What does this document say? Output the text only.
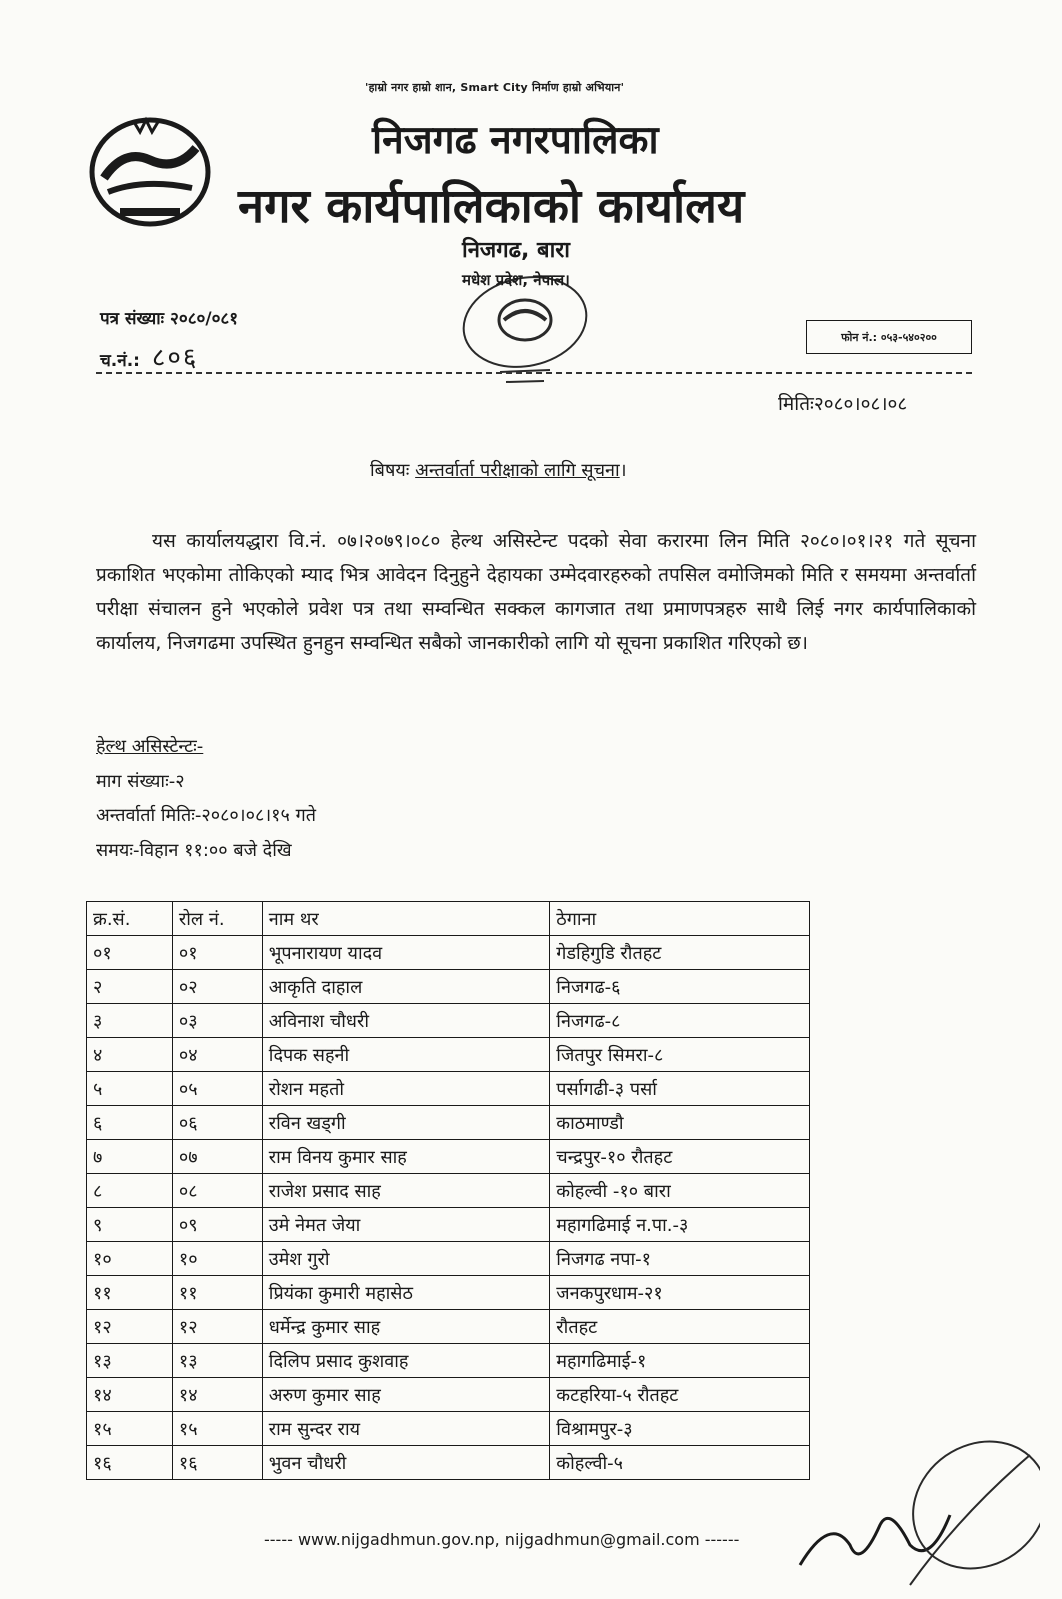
'हाम्रो नगर हाम्रो शान, Smart City निर्माण हाम्रो अभियान'
निजगढ नगरपालिका
नगर कार्यपालिकाको कार्यालय
निजगढ, बारा
मधेश प्रदेश, नेपाल।
पत्र संख्याः २०८०/०८१
च.नं.: ८०६
फोन नं.: ०५३-५४०२००
मितिः२०८०।०८।०८
बिषयः अन्तर्वार्ता परीक्षाको लागि सूचना।
यस कार्यालयद्धारा वि.नं. ०७।२०७९।०८० हेल्थ असिस्टेन्ट पदको सेवा करारमा लिन मिति २०८०।०१।२१ गते सूचना प्रकाशित भएकोमा तोकिएको म्याद भित्र आवेदन दिनुहुने देहायका उम्मेदवारहरुको तपसिल वमोजिमको मिति र समयमा अन्तर्वार्ता परीक्षा संचालन हुने भएकोले प्रवेश पत्र तथा सम्वन्धित सक्कल कागजात तथा प्रमाणपत्रहरु साथै लिई नगर कार्यपालिकाको कार्यालय, निजगढमा उपस्थित हुनहुन सम्वन्धित सबैको जानकारीको लागि यो सूचना प्रकाशित गरिएको छ।
हेल्थ असिस्टेन्टः-
माग संख्याः-२
अन्तर्वार्ता मितिः-२०८०।०८।१५ गते
समयः-विहान ११:०० बजे देखि
क्र.सं.	रोल नं.	नाम थर	ठेगाना
०१	०१	भूपनारायण यादव	गेडहिगुडि रौतहट
२	०२	आकृति दाहाल	निजगढ-६
३	०३	अविनाश चौधरी	निजगढ-८
४	०४	दिपक सहनी	जितपुर सिमरा-८
५	०५	रोशन महतो	पर्सागढी-३ पर्सा
६	०६	रविन खड्गी	काठमाण्डौ
७	०७	राम विनय कुमार साह	चन्द्रपुर-१० रौतहट
८	०८	राजेश प्रसाद साह	कोहल्वी -१० बारा
९	०९	उमे नेमत जेया	महागढिमाई न.पा.-३
१०	१०	उमेश गुरो	निजगढ नपा-१
११	११	प्रियंका कुमारी महासेठ	जनकपुरधाम-२१
१२	१२	धर्मेन्द्र कुमार साह	रौतहट
१३	१३	दिलिप प्रसाद कुशवाह	महागढिमाई-१
१४	१४	अरुण कुमार साह	कटहरिया-५ रौतहट
१५	१५	राम सुन्दर राय	विश्रामपुर-३
१६	१६	भुवन चौधरी	कोहल्वी-५
----- www.nijgadhmun.gov.np, nijgadhmun@gmail.com ------
